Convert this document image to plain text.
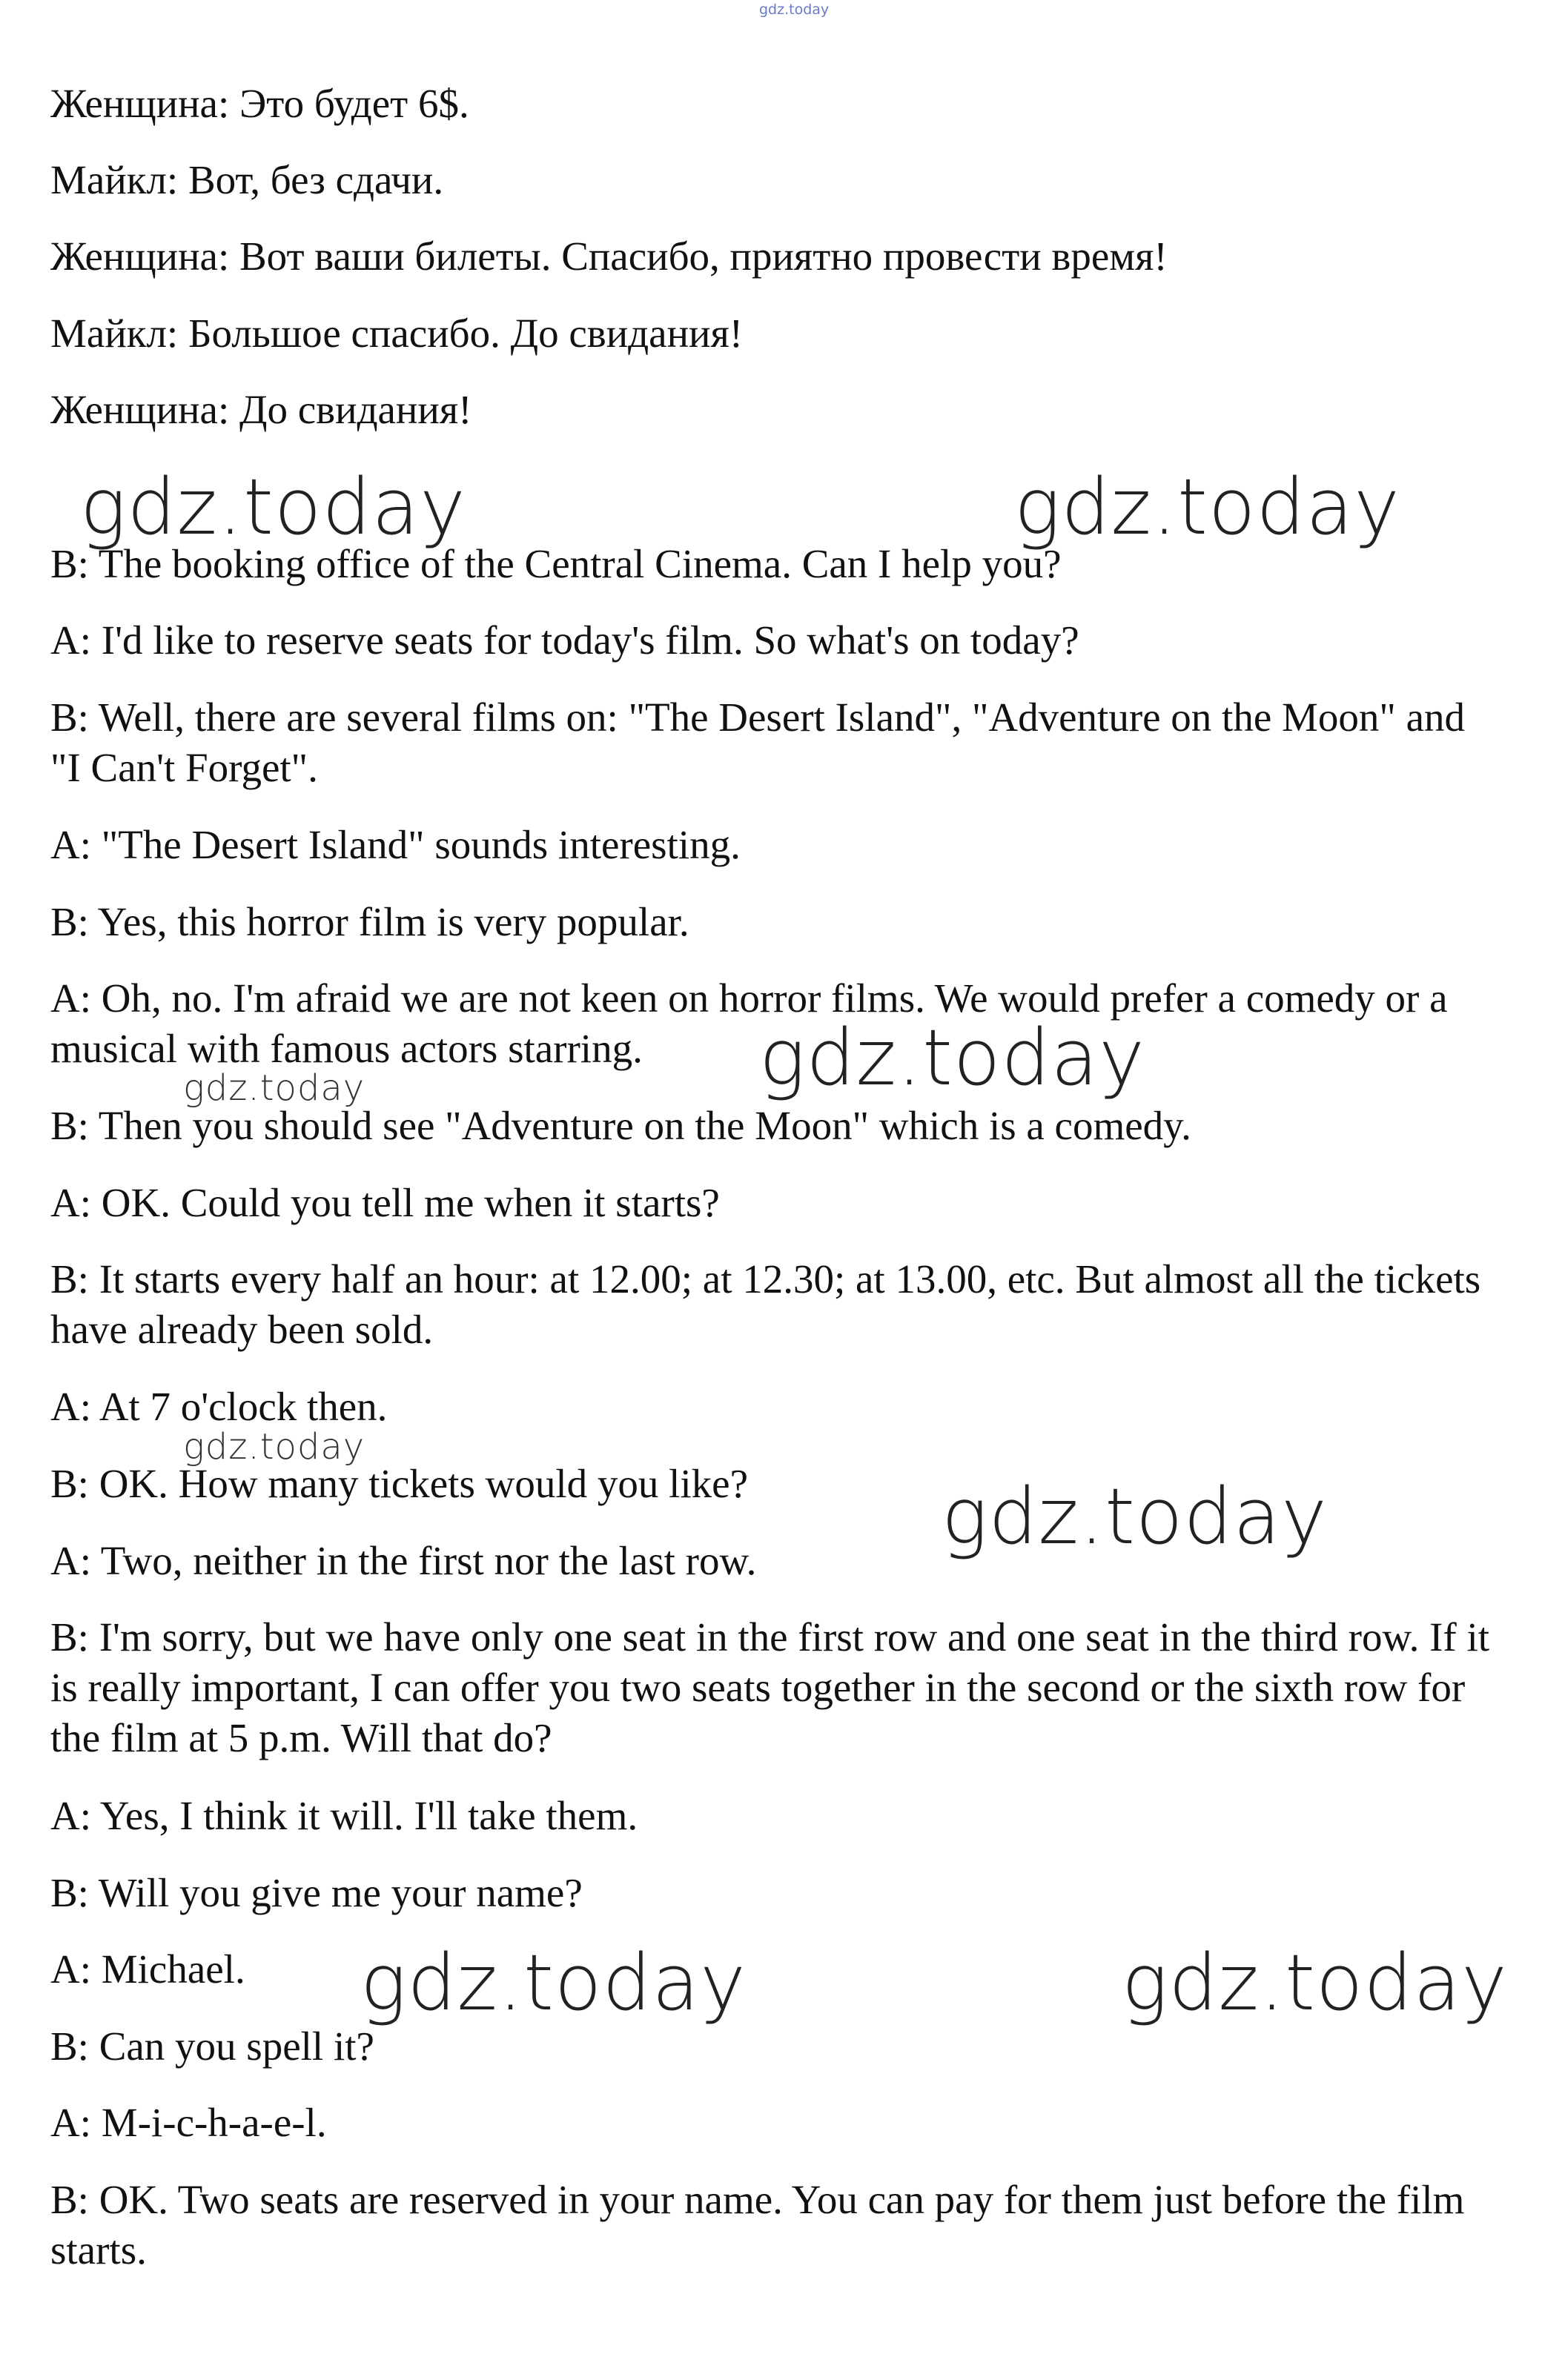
gdz.today
Женщина: Это будет 6$.
Майкл: Вот, без сдачи.
Женщина: Вот ваши билеты. Спасибо, приятно провести время!
Майкл: Большое спасибо. До свидания!
Женщина: До свидания!
B: The booking office of the Central Cinema. Can I help you?
A: I'd like to reserve seats for today's film. So what's on today?
B: Well, there are several films on: "The Desert Island", "Adventure on the Moon" and "I Can't Forget".
A: "The Desert Island" sounds interesting.
B: Yes, this horror film is very popular.
A: Oh, no. I'm afraid we are not keen on horror films. We would prefer a comedy or a musical with famous actors starring.
B: Then you should see "Adventure on the Moon" which is a comedy.
A: OK. Could you tell me when it starts?
B: It starts every half an hour: at 12.00; at 12.30; at 13.00, etc. But almost all the tickets have already been sold.
A: At 7 o'clock then.
B: OK. How many tickets would you like?
A: Two, neither in the first nor the last row.
B: I'm sorry, but we have only one seat in the first row and one seat in the third row. If it is really important, I can offer you two seats together in the second or the sixth row for the film at 5 p.m. Will that do?
A: Yes, I think it will. I'll take them.
B: Will you give me your name?
A: Michael.
B: Can you spell it?
A: M-i-c-h-a-e-l.
B: OK. Two seats are reserved in your name. You can pay for them just before the film starts.
gdz.today	gdz.today
gdz.today
gdz.today
gdz.today
gdz.today
gdz.today	gdz.today
